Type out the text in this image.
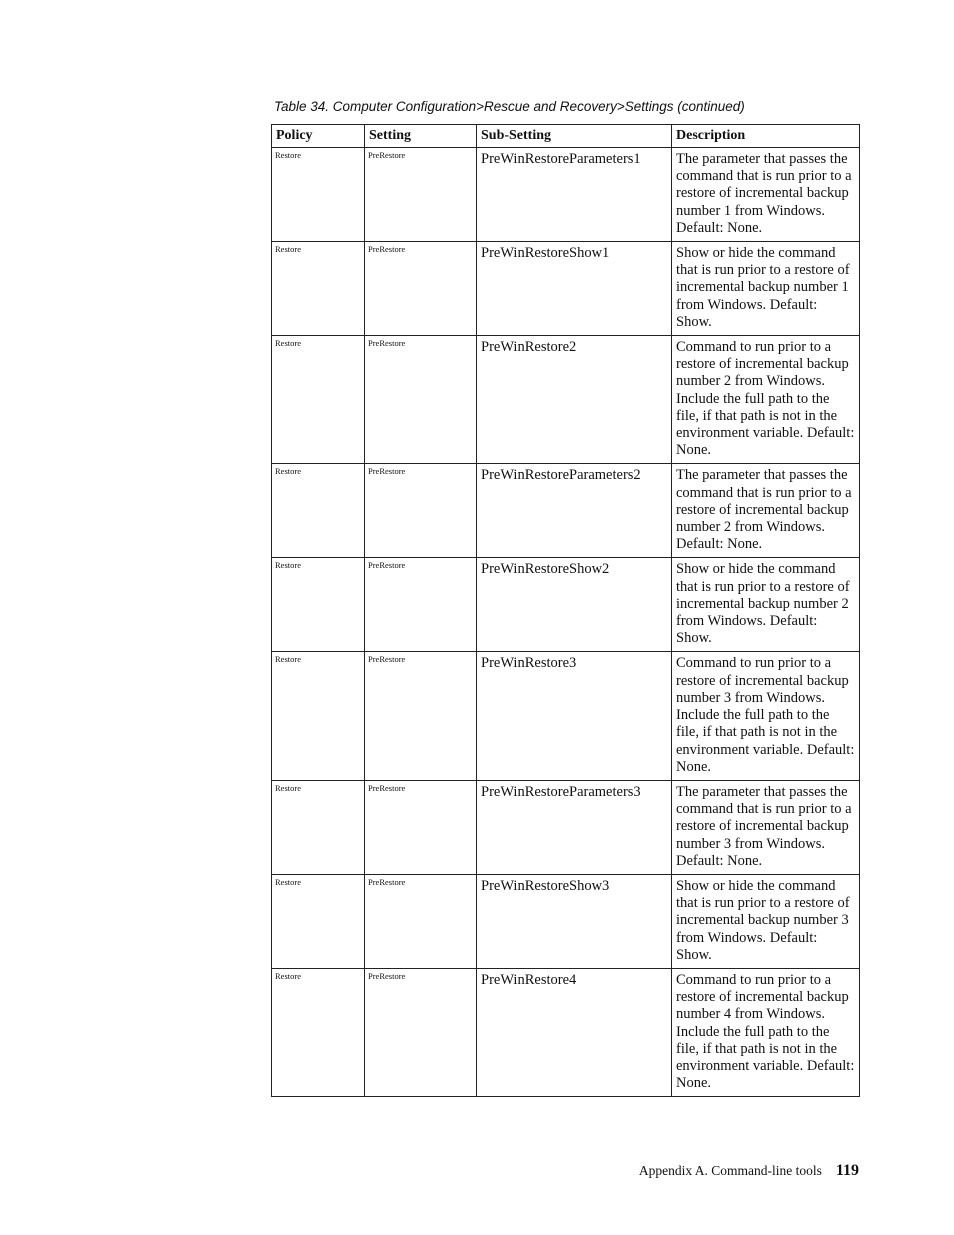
Table 34. Computer Configuration>Rescue and Recovery>Settings (continued)
Policy	Setting	Sub-Setting	Description
Restore	PreRestore	PreWinRestoreParameters1	The parameter that passes the command that is run prior to a restore of incremental backup number 1 from Windows. Default: None.
Restore	PreRestore	PreWinRestoreShow1	Show or hide the command that is run prior to a restore of incremental backup number 1 from Windows. Default: Show.
Restore	PreRestore	PreWinRestore2	Command to run prior to a restore of incremental backup number 2 from Windows. Include the full path to the file, if that path is not in the environment variable. Default: None.
Restore	PreRestore	PreWinRestoreParameters2	The parameter that passes the command that is run prior to a restore of incremental backup number 2 from Windows. Default: None.
Restore	PreRestore	PreWinRestoreShow2	Show or hide the command that is run prior to a restore of incremental backup number 2 from Windows. Default: Show.
Restore	PreRestore	PreWinRestore3	Command to run prior to a restore of incremental backup number 3 from Windows. Include the full path to the file, if that path is not in the environment variable. Default: None.
Restore	PreRestore	PreWinRestoreParameters3	The parameter that passes the command that is run prior to a restore of incremental backup number 3 from Windows. Default: None.
Restore	PreRestore	PreWinRestoreShow3	Show or hide the command that is run prior to a restore of incremental backup number 3 from Windows. Default: Show.
Restore	PreRestore	PreWinRestore4	Command to run prior to a restore of incremental backup number 4 from Windows. Include the full path to the file, if that path is not in the environment variable. Default: None.
Appendix A. Command-line tools 119
